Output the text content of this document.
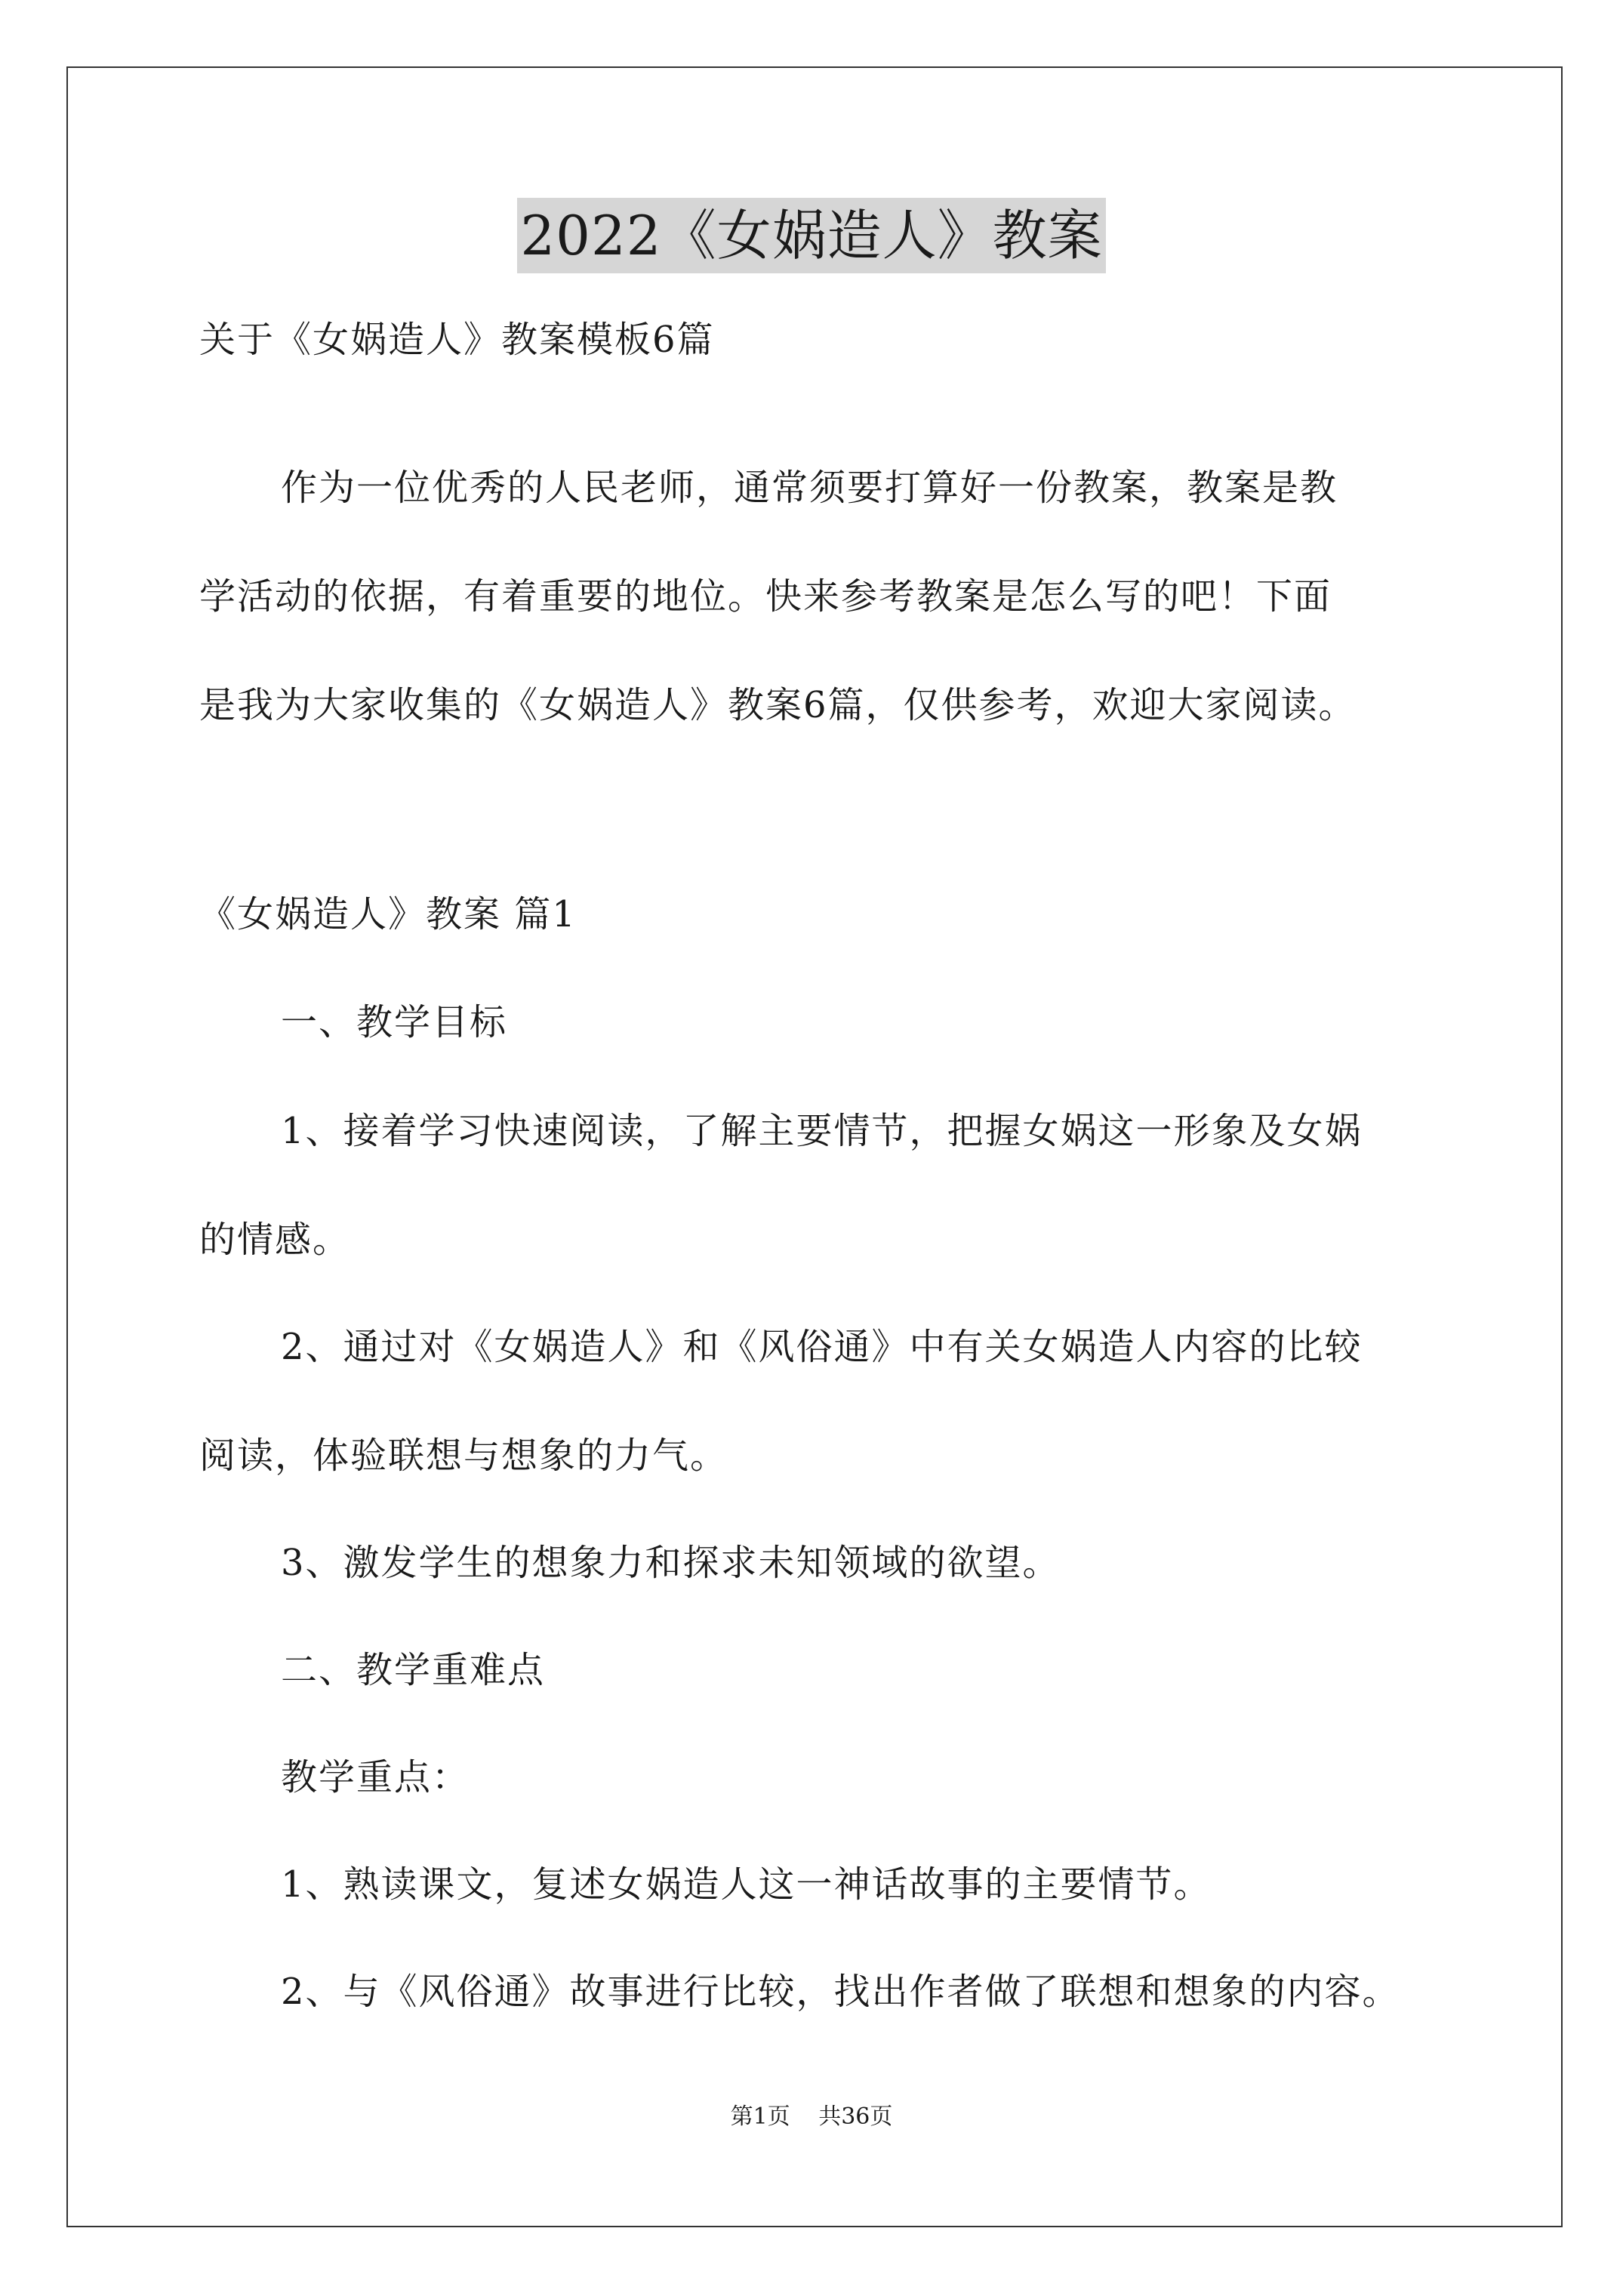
2022《女娲造人》教案
关于《女娲造人》教案模板6篇
作为一位优秀的人民老师，通常须要打算好一份教案，教案是教
学活动的依据，有着重要的地位。快来参考教案是怎么写的吧！下面
是我为大家收集的《女娲造人》教案6篇，仅供参考，欢迎大家阅读。
《女娲造人》教案 篇1
一、教学目标
1、接着学习快速阅读，了解主要情节，把握女娲这一形象及女娲
的情感。
2、通过对《女娲造人》和《风俗通》中有关女娲造人内容的比较
阅读，体验联想与想象的力气。
3、激发学生的想象力和探求未知领域的欲望。
二、教学重难点
教学重点：
1、熟读课文，复述女娲造人这一神话故事的主要情节。
2、与《风俗通》故事进行比较，找出作者做了联想和想象的内容。
第1页 共36页
